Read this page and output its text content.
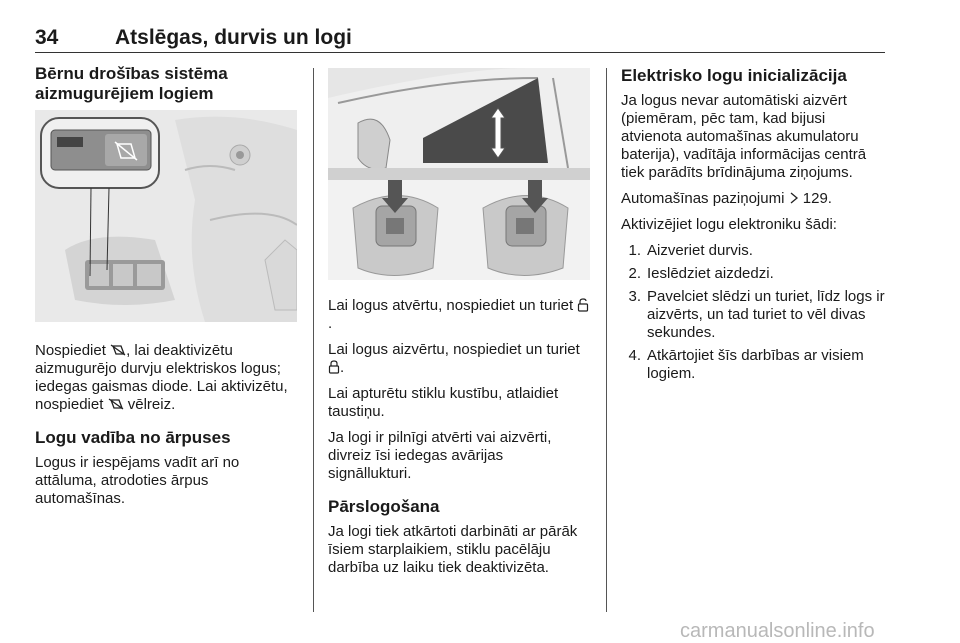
34	Atslēgas, durvis un logi
Bērnu drošības sistēma
aizmugurējiem logiem

Nospiediet , lai deaktivizētu aizmugurējo durvju elektriskos logus; iedegas gaismas diode. Lai aktivizētu, nospiediet  vēlreiz.

Logu vadība no ārpuses

Logus ir iespējams vadīt arī no attāluma, atrodoties ārpus automašīnas.

Lai logus atvērtu, nospiediet un turiet .

Lai logus aizvērtu, nospiediet un turiet .

Lai apturētu stiklu kustību, atlaidiet taustiņu.

Ja logi ir pilnīgi atvērti vai aizvērti, divreiz īsi iedegas avārijas signāllukturi.

Pārslogošana

Ja logi tiek atkārtoti darbināti ar pārāk īsiem starplaikiem, stiklu pacēlāju darbība uz laiku tiek deaktivizēta.

Elektrisko logu inicializācija

Ja logus nevar automātiski aizvērt (piemēram, pēc tam, kad bijusi atvienota automašīnas akumulatoru baterija), vadītāja informācijas centrā tiek parādīts brīdinājuma ziņojums.

Automašīnas paziņojumi 129.

Aktivizējiet logu elektroniku šādi:

1. Aizveriet durvis.
2. Ieslēdziet aizdedzi.
3. Pavelciet slēdzi un turiet, līdz logs ir aizvērts, un tad turiet to vēl divas sekundes.
4. Atkārtojiet šīs darbības ar visiem logiem.
carmanualsonline.info
